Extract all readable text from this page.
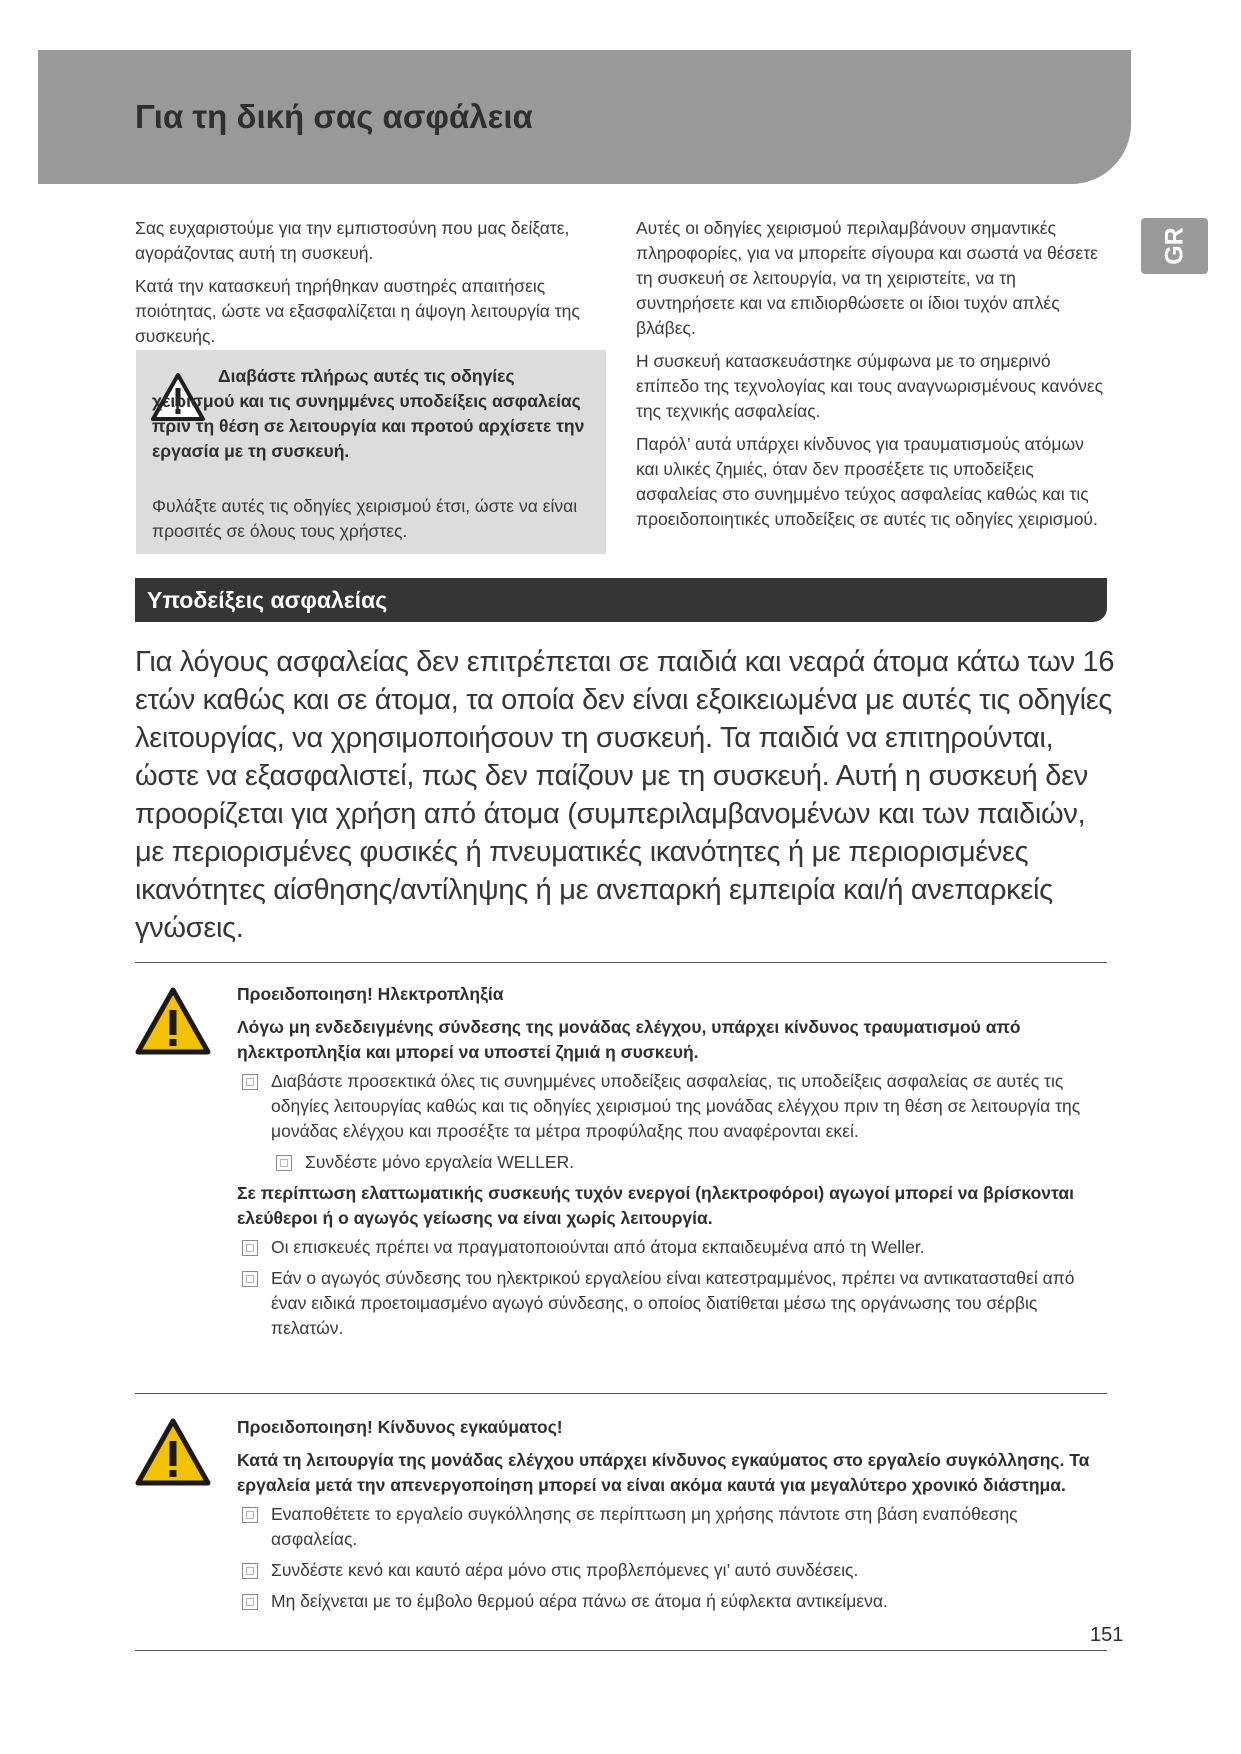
Για τη δική σας ασφάλεια
GR

Σας ευχαριστούμε για την εμπιστοσύνη που μας δείξατε, αγοράζοντας αυτή τη συσκευή.

Κατά την κατασκευή τηρήθηκαν αυστηρές απαιτήσεις ποιότητας, ώστε να εξασφαλίζεται η άψογη λειτουργία της συσκευής.

Διαβάστε πλήρως αυτές τις οδηγίες χειρισμού και τις συνημμένες υποδείξεις ασφαλείας πριν τη θέση σε λειτουργία και προτού αρχίσετε την εργασία με τη συσκευή.

Φυλάξτε αυτές τις οδηγίες χειρισμού έτσι, ώστε να είναι προσιτές σε όλους τους χρήστες.

Αυτές οι οδηγίες χειρισμού περιλαμβάνουν σημαντικές πληροφορίες, για να μπορείτε σίγουρα και σωστά να θέσετε τη συσκευή σε λειτουργία, να τη χειριστείτε, να τη συντηρήσετε και να επιδιορθώσετε οι ίδιοι τυχόν απλές βλάβες.

Η συσκευή κατασκευάστηκε σύμφωνα με το σημερινό επίπεδο της τεχνολογίας και τους αναγνωρισμένους κανόνες της τεχνικής ασφαλείας.

Παρόλ’ αυτά υπάρχει κίνδυνος για τραυματισμούς ατόμων και υλικές ζημιές, όταν δεν προσέξετε τις υποδείξεις ασφαλείας στο συνημμένο τεύχος ασφαλείας καθώς και τις προειδοποιητικές υποδείξεις σε αυτές τις οδηγίες χειρισμού.

Υποδείξεις ασφαλείας

Για λόγους ασφαλείας δεν επιτρέπεται σε παιδιά και νεαρά άτομα κάτω των 16 ετών καθώς και σε άτομα, τα οποία δεν είναι εξοικειωμένα με αυτές τις οδηγίες λειτουργίας, να χρησιμοποιήσουν τη συσκευή. Τα παιδιά να επιτηρούνται, ώστε να εξασφαλιστεί, πως δεν παίζουν με τη συσκευή. Αυτή η συσκευή δεν προορίζεται για χρήση από άτομα (συμπεριλαμβανομένων και των παιδιών, με περιορισμένες φυσικές ή πνευματικές ικανότητες ή με περιορισμένες ικανότητες αίσθησης/αντίληψης ή με ανεπαρκή εμπειρία και/ή ανεπαρκείς γνώσεις.

Προειδοποιηση! Ηλεκτροπληξία

Λόγω μη ενδεδειγμένης σύνδεσης της μονάδας ελέγχου, υπάρχει κίνδυνος τραυματισμού από ηλεκτροπληξία και μπορεί να υποστεί ζημιά η συσκευή.

Διαβάστε προσεκτικά όλες τις συνημμένες υποδείξεις ασφαλείας, τις υποδείξεις ασφαλείας σε αυτές τις οδηγίες λειτουργίας καθώς και τις οδηγίες χειρισμού της μονάδας ελέγχου πριν τη θέση σε λειτουργία της μονάδας ελέγχου και προσέξτε τα μέτρα προφύλαξης που αναφέρονται εκεί.
Συνδέστε μόνο εργαλεία WELLER.

Σε περίπτωση ελαττωματικής συσκευής τυχόν ενεργοί (ηλεκτροφόροι) αγωγοί μπορεί να βρίσκονται ελεύθεροι ή ο αγωγός γείωσης να είναι χωρίς λειτουργία.

Οι επισκευές πρέπει να πραγματοποιούνται από άτομα εκπαιδευμένα από τη Weller.
Εάν ο αγωγός σύνδεσης του ηλεκτρικού εργαλείου είναι κατεστραμμένος, πρέπει να αντικατασταθεί από έναν ειδικά προετοιμασμένο αγωγό σύνδεσης, ο οποίος διατίθεται μέσω της οργάνωσης του σέρβις πελατών.

Προειδοποιηση! Κίνδυνος εγκαύματος!

Κατά τη λειτουργία της μονάδας ελέγχου υπάρχει κίνδυνος εγκαύματος στο εργαλείο συγκόλλησης. Τα εργαλεία μετά την απενεργοποίηση μπορεί να είναι ακόμα καυτά για μεγαλύτερο χρονικό διάστημα.

Εναποθέτετε το εργαλείο συγκόλλησης σε περίπτωση μη χρήσης πάντοτε στη βάση εναπόθεσης ασφαλείας.
Συνδέστε κενό και καυτό αέρα μόνο στις προβλεπόμενες γι’ αυτό συνδέσεις.
Μη δείχνεται με το έμβολο θερμού αέρα πάνω σε άτομα ή εύφλεκτα αντικείμενα.
151
